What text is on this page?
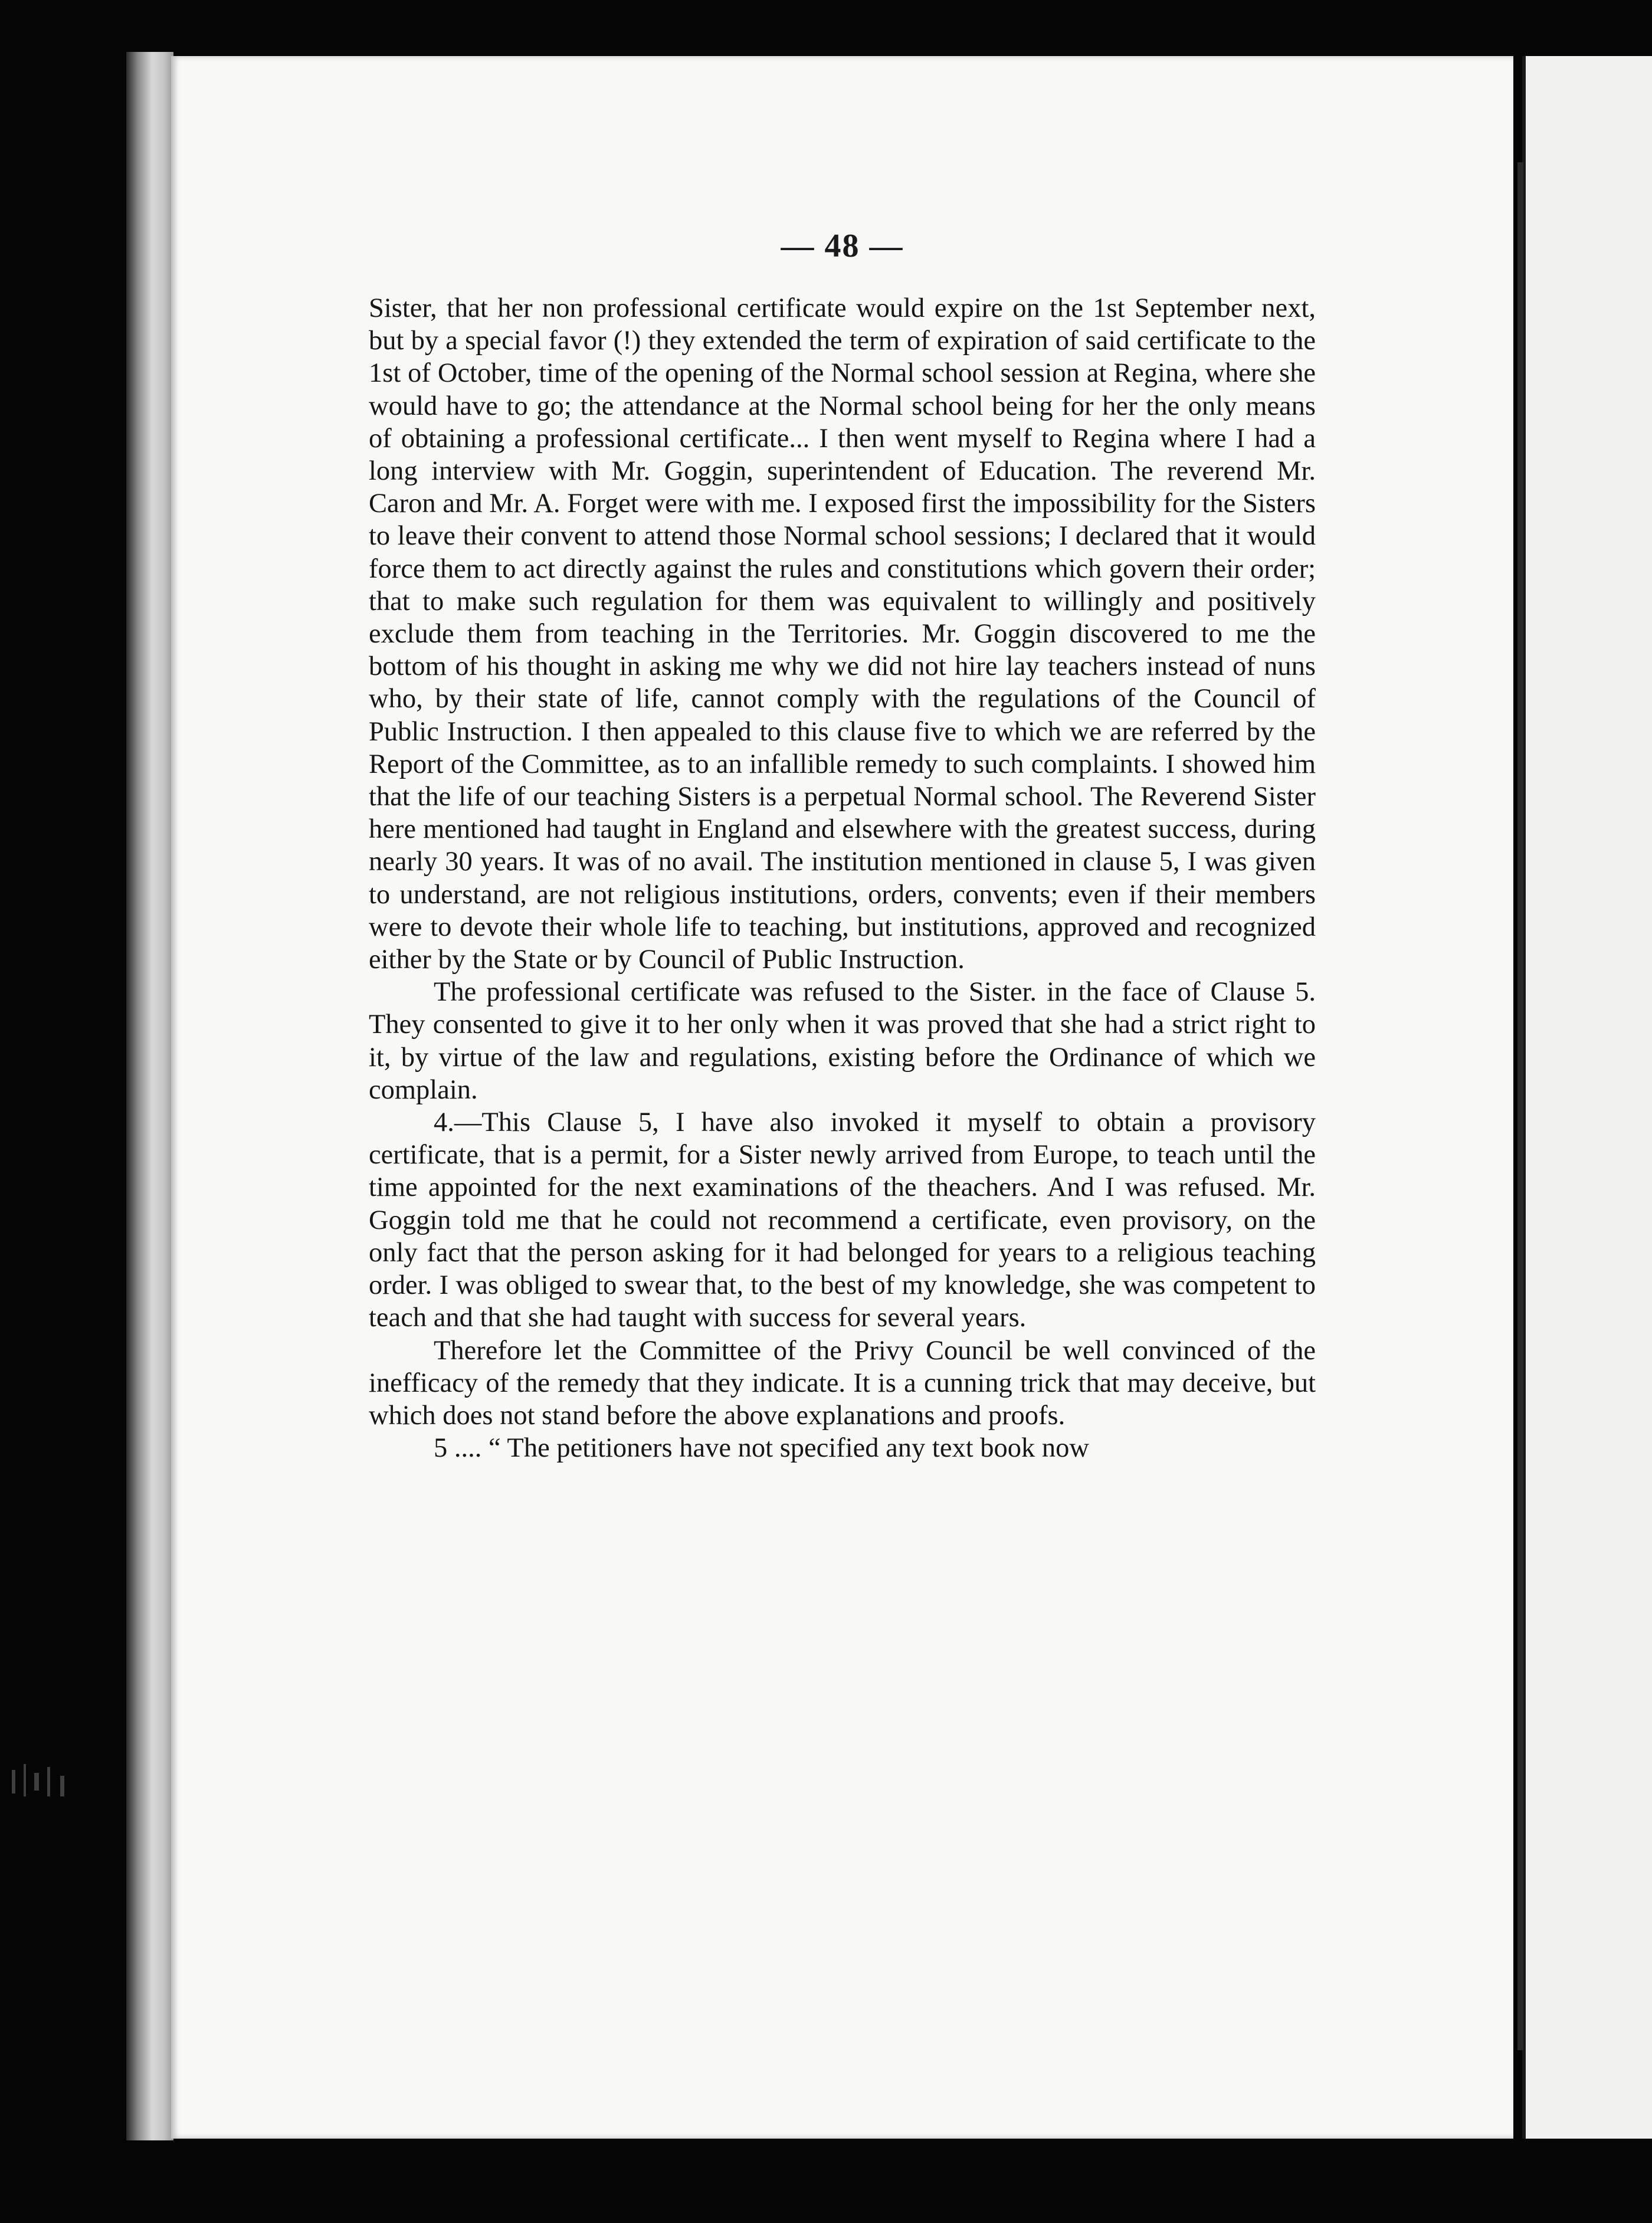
— 48 —

Sister, that her non professional certificate would expire on the 1st September next, but by a special favor (!) they extended the term of expiration of said certificate to the 1st of October, time of the opening of the Normal school session at Regina, where she would have to go; the attendance at the Normal school being for her the only means of obtaining a professional certificate... I then went myself to Regina where I had a long interview with Mr. Goggin, superintendent of Education. The reverend Mr. Caron and Mr. A. Forget were with me. I exposed first the impossibility for the Sisters to leave their convent to attend those Normal school sessions; I declared that it would force them to act directly against the rules and constitutions which govern their order; that to make such regulation for them was equivalent to willingly and positively exclude them from teaching in the Territories. Mr. Goggin discovered to me the bottom of his thought in asking me why we did not hire lay teachers instead of nuns who, by their state of life, cannot comply with the regulations of the Council of Public Instruction. I then appealed to this clause five to which we are referred by the Report of the Committee, as to an infallible remedy to such complaints. I showed him that the life of our teaching Sisters is a perpetual Normal school. The Reverend Sister here mentioned had taught in England and elsewhere with the greatest success, during nearly 30 years. It was of no avail. The institution mentioned in clause 5, I was given to understand, are not religious institutions, orders, convents; even if their members were to devote their whole life to teaching, but institutions, approved and recognized either by the State or by Council of Public Instruction.

The professional certificate was refused to the Sister. in the face of Clause 5. They consented to give it to her only when it was proved that she had a strict right to it, by virtue of the law and regulations, existing before the Ordinance of which we complain.

4.—This Clause 5, I have also invoked it myself to obtain a provisory certificate, that is a permit, for a Sister newly arrived from Europe, to teach until the time appointed for the next examinations of the theachers. And I was refused. Mr. Goggin told me that he could not recommend a certificate, even provisory, on the only fact that the person asking for it had belonged for years to a religious teaching order. I was obliged to swear that, to the best of my knowledge, she was competent to teach and that she had taught with success for several years.

Therefore let the Committee of the Privy Council be well convinced of the inefficacy of the remedy that they indicate. It is a cunning trick that may deceive, but which does not stand before the above explanations and proofs.

5 .... “ The petitioners have not specified any text book now
